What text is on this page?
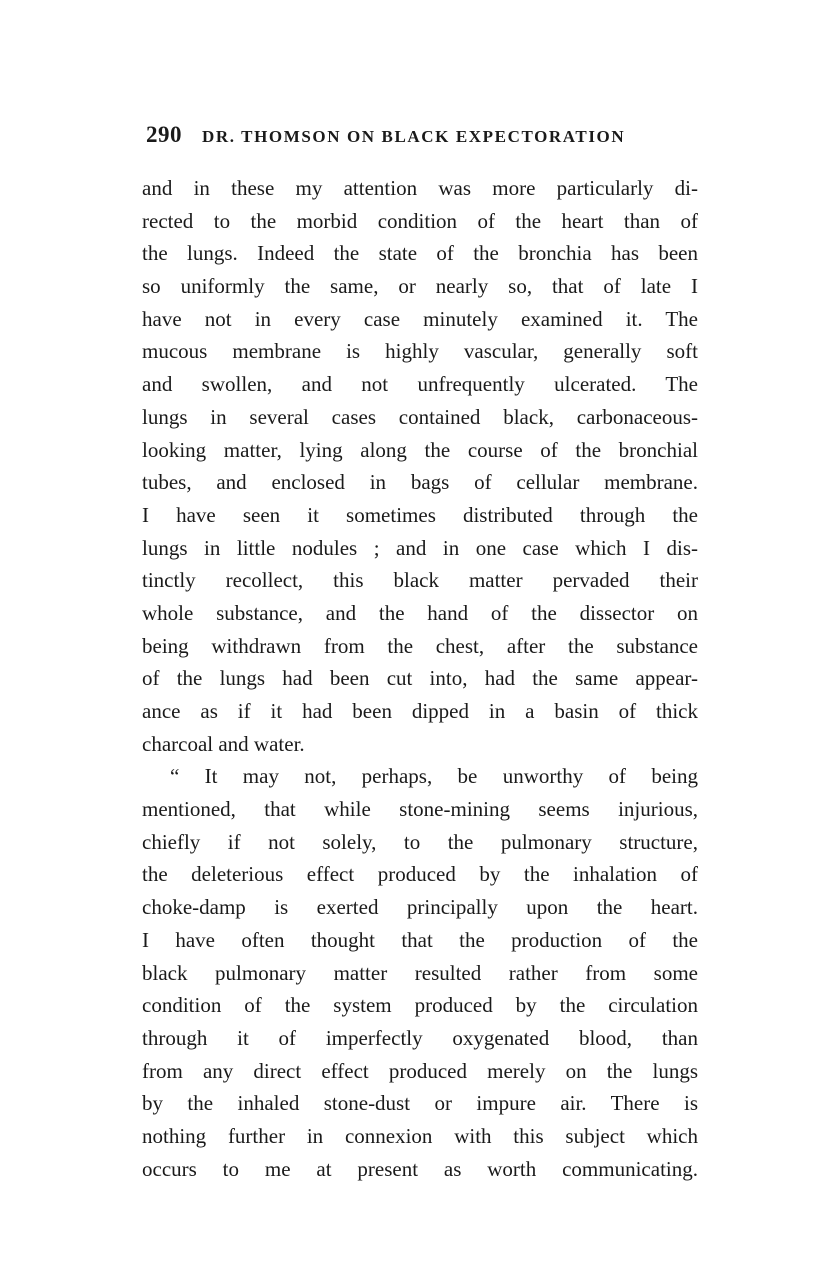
290 DR. THOMSON ON BLACK EXPECTORATION
and in these my attention was more particularly di-
rected to the morbid condition of the heart than of
the lungs. Indeed the state of the bronchia has been
so uniformly the same, or nearly so, that of late I
have not in every case minutely examined it. The
mucous membrane is highly vascular, generally soft
and swollen, and not unfrequently ulcerated. The
lungs in several cases contained black, carbonaceous-
looking matter, lying along the course of the bronchial
tubes, and enclosed in bags of cellular membrane.
I have seen it sometimes distributed through the
lungs in little nodules ; and in one case which I dis-
tinctly recollect, this black matter pervaded their
whole substance, and the hand of the dissector on
being withdrawn from the chest, after the substance
of the lungs had been cut into, had the same appear-
ance as if it had been dipped in a basin of thick
charcoal and water.
“ It may not, perhaps, be unworthy of being
mentioned, that while stone-mining seems injurious,
chiefly if not solely, to the pulmonary structure,
the deleterious effect produced by the inhalation of
choke-damp is exerted principally upon the heart.
I have often thought that the production of the
black pulmonary matter resulted rather from some
condition of the system produced by the circulation
through it of imperfectly oxygenated blood, than
from any direct effect produced merely on the lungs
by the inhaled stone-dust or impure air. There is
nothing further in connexion with this subject which
occurs to me at present as worth communicating.
